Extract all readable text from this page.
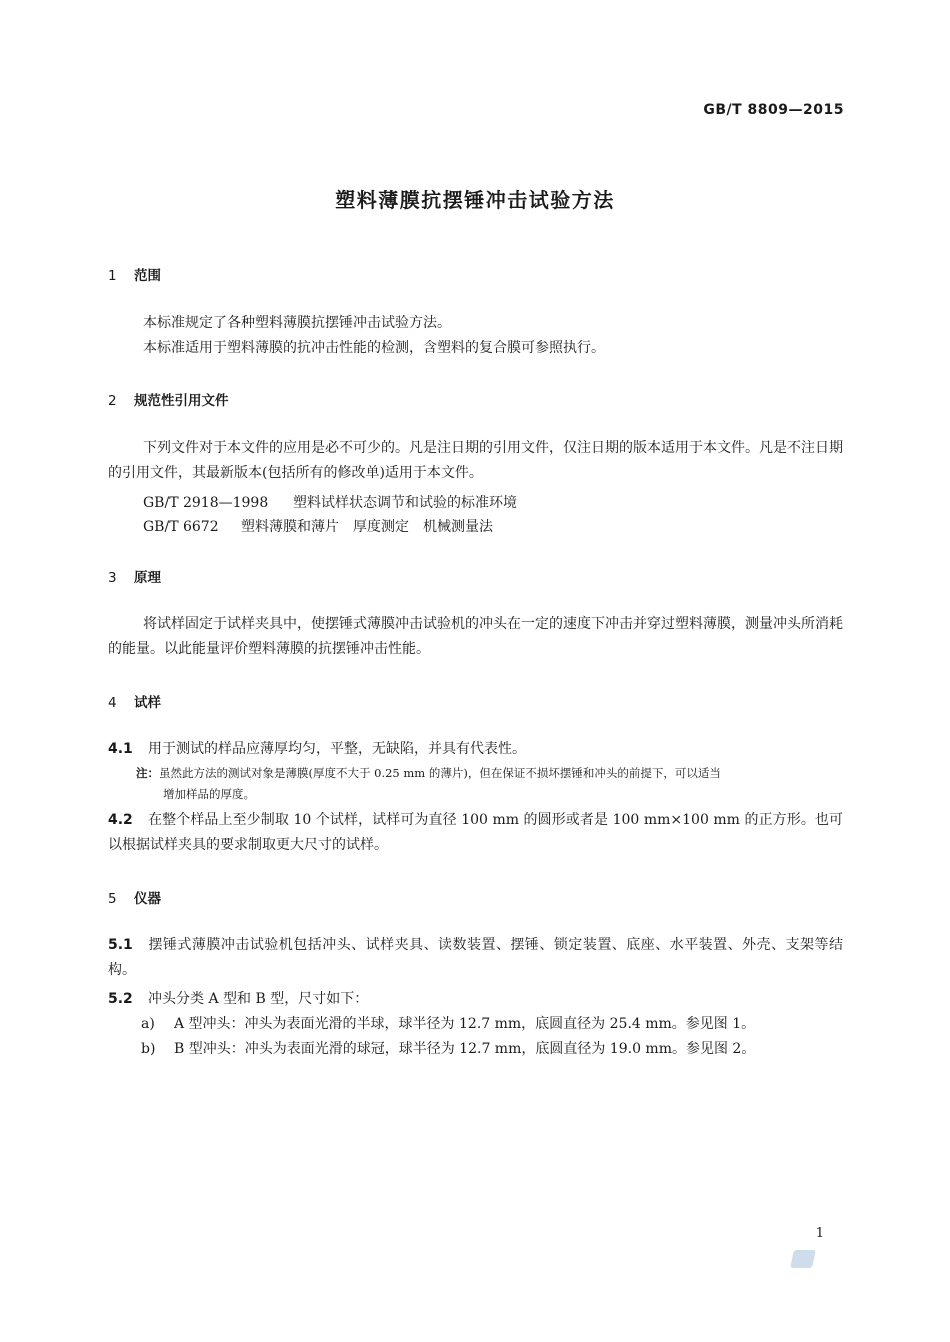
GB/T 8809—2015
塑料薄膜抗摆锤冲击试验方法
1 范围
本标准规定了各种塑料薄膜抗摆锤冲击试验方法。
本标准适用于塑料薄膜的抗冲击性能的检测，含塑料的复合膜可参照执行。
2 规范性引用文件
下列文件对于本文件的应用是必不可少的。凡是注日期的引用文件，仅注日期的版本适用于本文件。凡是不注日期的引用文件，其最新版本(包括所有的修改单)适用于本文件。
GB/T 2918—1998 塑料试样状态调节和试验的标准环境
GB/T 6672 塑料薄膜和薄片　厚度测定　机械测量法
3 原理
将试样固定于试样夹具中，使摆锤式薄膜冲击试验机的冲头在一定的速度下冲击并穿过塑料薄膜，测量冲头所消耗的能量。以此能量评价塑料薄膜的抗摆锤冲击性能。
4 试样
4.1 用于测试的样品应薄厚均匀，平整，无缺陷，并具有代表性。
注：虽然此方法的测试对象是薄膜(厚度不大于 0.25 mm 的薄片)，但在保证不损坏摆锤和冲头的前提下，可以适当
增加样品的厚度。
4.2 在整个样品上至少制取 10 个试样，试样可为直径 100 mm 的圆形或者是 100 mm×100 mm 的正方形。也可以根据试样夹具的要求制取更大尺寸的试样。
5 仪器
5.1 摆锤式薄膜冲击试验机包括冲头、试样夹具、读数装置、摆锤、锁定装置、底座、水平装置、外壳、支架等结构。
5.2 冲头分类 A 型和 B 型，尺寸如下：
a) A 型冲头：冲头为表面光滑的半球，球半径为 12.7 mm，底圆直径为 25.4 mm。参见图 1。
b) B 型冲头：冲头为表面光滑的球冠，球半径为 12.7 mm，底圆直径为 19.0 mm。参见图 2。
1
